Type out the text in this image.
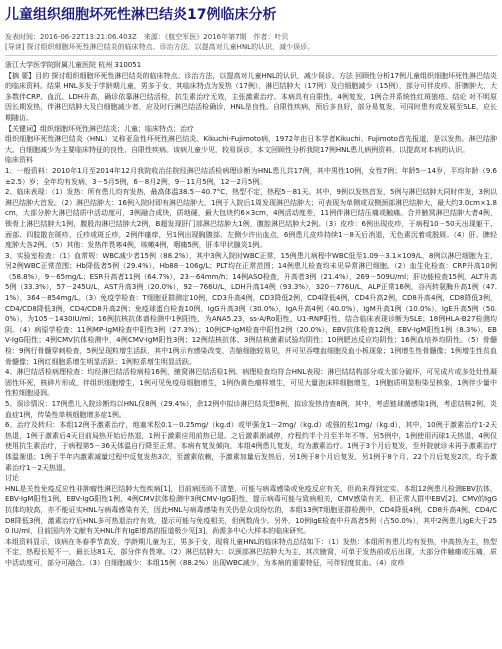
儿童组织细胞坏死性淋巴结炎17例临床分析
发表时间：2016-06-22T13:21:06.403Z　来源：《航空军医》2016年第7期　作者：叶贝
[导读] 探讨组织细胞坏死性淋巴结炎的临床特点、诊治方法，以提高对儿童HNL的认识，减少误诊。

浙江大学医学院附属儿童医院 杭州 310051

【摘 要】目的 探讨组织细胞坏死性淋巴结炎的临床特点、诊治方法，以提高对儿童HNL的认识，减少误诊。方法 回顾性分析17例儿童组织细胞坏死性淋巴结炎的临床资料。结果 HNL多发于学龄期儿童，男多于女，其临床特点为发热（17例），淋巴结肿大（17例）及白细胞减少（15例），部分可伴皮疹、肝脾肿大，大多数伴CRP、血沉、LDH升高，确诊依靠淋巴结活检，抗生素治疗无效，主张激素治疗。本病具有自限性，4例复发，1例合并系统性红斑狼疮。结论 对不明原因长期发热，伴淋巴结肿大及白细胞减少者，应及时行淋巴结活检确诊，HNL是良性、自限性疾病，预后多良好，部分易复发，可同时患有或发展至SLE，应长期随访。

【关键词】组织细胞坏死性淋巴结炎；儿童；临床特点；治疗

组织细胞坏死性淋巴结炎（HNL）又称亚急性坏死性淋巴结炎、Kikuchi-Fujimoto病，1972年由日本学者Kikuchi、Fujimoto首先报道，是以发热、淋巴结肿大、白细胞减少为主要临床特征的良性、自限性疾病。该病儿童少见，较易误诊，本文回顾性分析我院17例HNL患儿病例资料，以提高对本病的认识。

临床资料

1、一般资料：2010年1月至2014年12月我院收治住院经淋巴结活检病理诊断为HNL患儿共17例，其中男性10例，女性7例；年龄5－14岁，平均年龄（9.6±2.5）岁；全年均有发病，3－5月5例，6－8月2例，9－11月5例，12－2月5例。

2、临床表现：（1）发热：所有患儿均有发热，最高体温38.5－40.7°C，热型不定，热程5－81天。其中，9例以发热首发，5例与淋巴结肿大同时伴发，3例以淋巴结肿大首发。（2）淋巴结肿大：16例入院时即有淋巴结肿大，1例于入院后1周发现淋巴结肿大；可表现为单侧或双侧颈部淋巴结肿大，最大约3.0cm×1.8cm，大部分肿大淋巴结质中活动度可，3例融合成块，质地硬，最大包块约6×3cm，4例活动度差，11例伴淋巴结压痛或触痛。合并腋窝淋巴结肿大者4例，锁骨上淋巴结肿大1例，腹股沟淋巴结肿大2例，B超发现肝门部淋巴结肿大1例，腹腔淋巴结肿大2例。（3）皮疹：6例出现皮疹，于病程10－50天出现躯干、面部、四肢散在斑疹、丘疹或斑丘疹，2例伴瘙痒，另1例出现胸腹部、左侧少许出血点，6例患儿皮疹持续1－8天后消退，无色素沉着或脱屑。（4）肝、脾轻度肿大各2例。（5）其他：发热伴畏寒4例，咳嗽4例，咽痛5例，肝本甲状腺炎1例。

3、实验室检查：（1）血常规：WBC减少者15例（88.2%），其中3例入院时WBC正常，15例患儿病程中WBC低至1.09－3.1×109/L，8例以淋巴细胞为主，另2例WBC正常范围；Hb降低者5例（29.4%），Hb88－106g/L；PLT均在正常范围；14例患儿检查均未见异常淋巴细胞。（2）血生化检查：CRP升高10例（58.8%），9－65mg/L；ESR升高者11例（64.7%），23－64mm/h；14例ASO检查，升高者3例（21.4%），269－509U/ml；肝功能检查15例，ALT升高5例（33.3%），57－245U/L，AST升高3例（20.0%），92－766U/L，LDH升高14例（93.3%），320－776U/L，ALP正常16例，谷丙转氨酶升高1例（47.1%），364－854mg/L。（3）免疫学检查：T细胞亚群测定10例，CD3升高4例，CD3降低2例，CD4降低4例，CD4升高2例，CD8升高4例，CD8降低3例，CD4/CD8降低3例，CD4/CD8升高2例；免疫球蛋白检查10例，IgG升高3例（30.0%），IgA升高4例（40.0%），IgM升高1例（10.0%），IgE升高5例（50.0%），为105－1430IU/ml；16例抗核抗体谱检测中1例阳性，为ANA5.23，ss-A/Ro阳性，U1-RNP阳性，结合临床表现诊断为SLE；18例HLA-B27检测均阴。（4）病原学检查：11例MP-IgM检查中阳性3例（27.3%）；10例CP-IgM检查中阳性2例（20.0%），EBV抗体检查12例，EBV-IgM阳性1例（8.3%），EBV-IgG阳性；4例CMV抗体检测中，4例CMV-IgM阳性3例；12例结核抗体、3例结核菌素试验均阴性；10例肥达反应均阴性；16例血培养均阴性。（5）骨髓检：9例行骨髓穿刺检查，5例呈现粒增生活跃，其中1例示有感染改变，否缩细胞较易见，并可见吞噬血细胞及血小板现象；1例增生性骨髓像；1例增生性贫血骨髓像；1例红细胞系增生明显活跃；1例粒系增生明显活跃。

4、淋巴结活检病理检查：均经淋巴结活检病检16例，腋窝淋巴结活检1例。病理检查均符合HNL表现：淋巴结结构部分或大部分破坏，可见成片或多处灶性凝固性坏死，核碎片形成，伴组织细胞增生，1例可见免疫母细胞增生，1例伪黄色瘤样增生，可见大量泡沫样细胞增生，1例胞质明显粉染呈核象，1例伴少量中性粒细胞浸润。

5、误诊情况：17例患儿入院诊断均以HNL仅8例（29.4%），余12例中拟诊淋巴结炎型8例，拟诊发热待查8例，其中，考虑链球菌感染1例，考虑结核2例，炎血症1例，传染性单核细胞增多症1例。

6、治疗及转归：本组12例予激素治疗，地塞米松0.1－0.25mg/（kg.d）或甲强龙1－2mg/（kg.d）或强的松1mg/（kg.d），其中，10例于激素治疗1-2天热退，1例于激素后4天目前局热开始后热退，1例于激素应用前热已退。之后激素渐减停，疗程约半个月至半年不等。另5例中，1例使用丙球1天热退，4例仅使用抗生素治疗，于病程第5－36天体温自行降至正常。本病有复发倾向，本组4例患儿复发，均为激素治疗。1例于3个月后复发，至外院就诊未再予激素治疗体温渐退；1例于半年内激素减量过程中反复发热3次，至激素依赖，予激素加量后发热后，另1例于8个月后复发，另1例于8个月、22个月后复发2次，均予激素治疗1－2天热退。

讨论

HNL是关性免疫反应性非肿瘤性淋巴结肿大性疾病[1]，目前病因尚不清楚，可能与病毒感染或免疫反应有关，但尚未得到定实。本组12例患儿检测EBV抗体，EBV-IgM阳性1例，EBV-IgG阳性1例，4例CMV抗体检测中3例CMV-IgG阳性，提示病毒可能与致病相关，CMV感染有关，但正常人群中EBV[2]、CMV的IgG抗体均较高，亦不能证实HNL与病毒感染有关，因此HNL与病毒感染有关仍是众说纷纭的，本组13例T细胞亚群检测中，CD4降低4例，CD8升高4例，CD4/CD8降低3例，激素治疗后HNL多可热退治疗有效，提示可能与免疫相关，但例数尚少。另外，10例IgE检查中升高者5例（占50.0%），其中2例患儿IgE大于250 IU/ml，目前国内外文献有关HNL伴有IgE增高的报道极少见[3]，尚需多中心大样本的临床研究。

本组资料显示，该病在冬春季节高发，学龄期儿童为主，男多于女，现将儿童HNL的临床特点总结如下：（1）发热：本组所有患儿均有发热，中高热为主，热型不定，热程长短不一，最长达81天，部分伴有畏寒。（2）淋巴结肿大：以颈部淋巴结肿大为主，其次腋窝，可单于发热前或后出现，大部分伴触痛或压痛，质中活动度可，部分可融合。（3）白细胞减少：本组15例（88.2%）出现WBC减少，为本病的重要特征，可伴轻度贫血。（4）皮疹
